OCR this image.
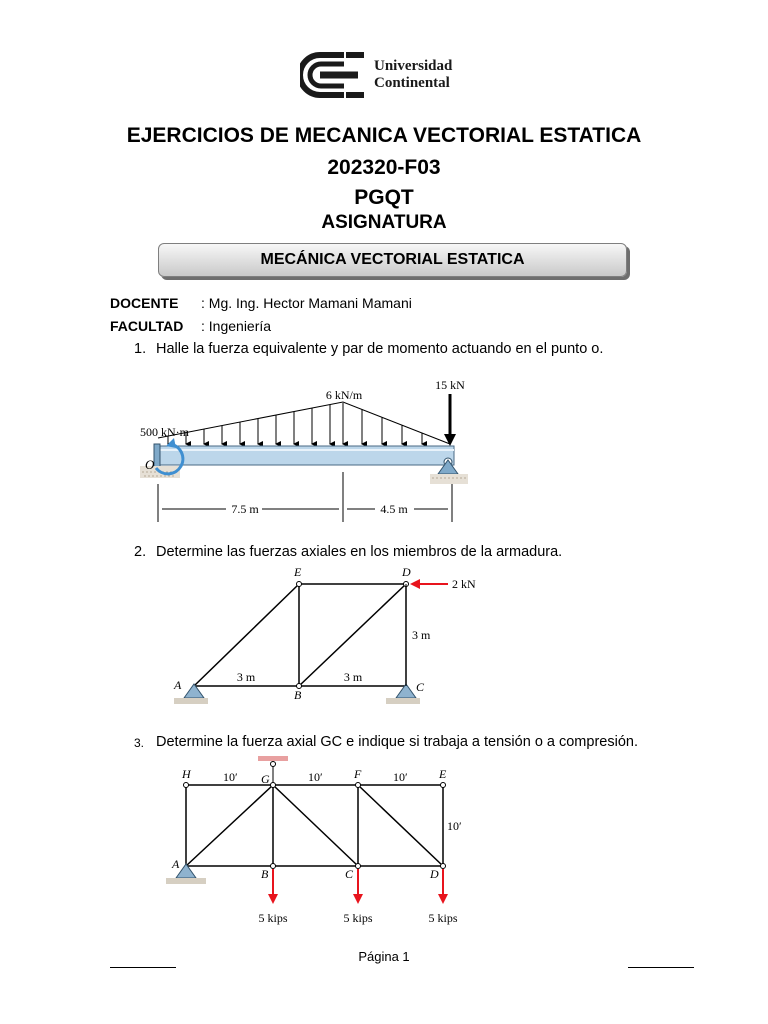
Universidad
Continental
EJERCICIOS DE MECANICA VECTORIAL ESTATICA
202320-F03
PGQT
ASIGNATURA
MECÁNICA VECTORIAL ESTATICA
DOCENTE : Mg. Ing. Hector Mamani Mamani
FACULTAD : Ingeniería
1. Halle la fuerza equivalente y par de momento actuando en el punto o.
6 kN/m
15 kN
500 kN·m
O
7.5 m	4.5 m
2. Determine las fuerzas axiales en los miembros de la armadura.
E	D
2 kN
3 m
A
B
C
3 m	3 m
3. Determine la fuerza axial GC e indique si trabaja a tensión o a compresión.
H	G	F	E
10′	10′	10′
10′
A
B	C	D
5 kips	5 kips	5 kips
Página 1
